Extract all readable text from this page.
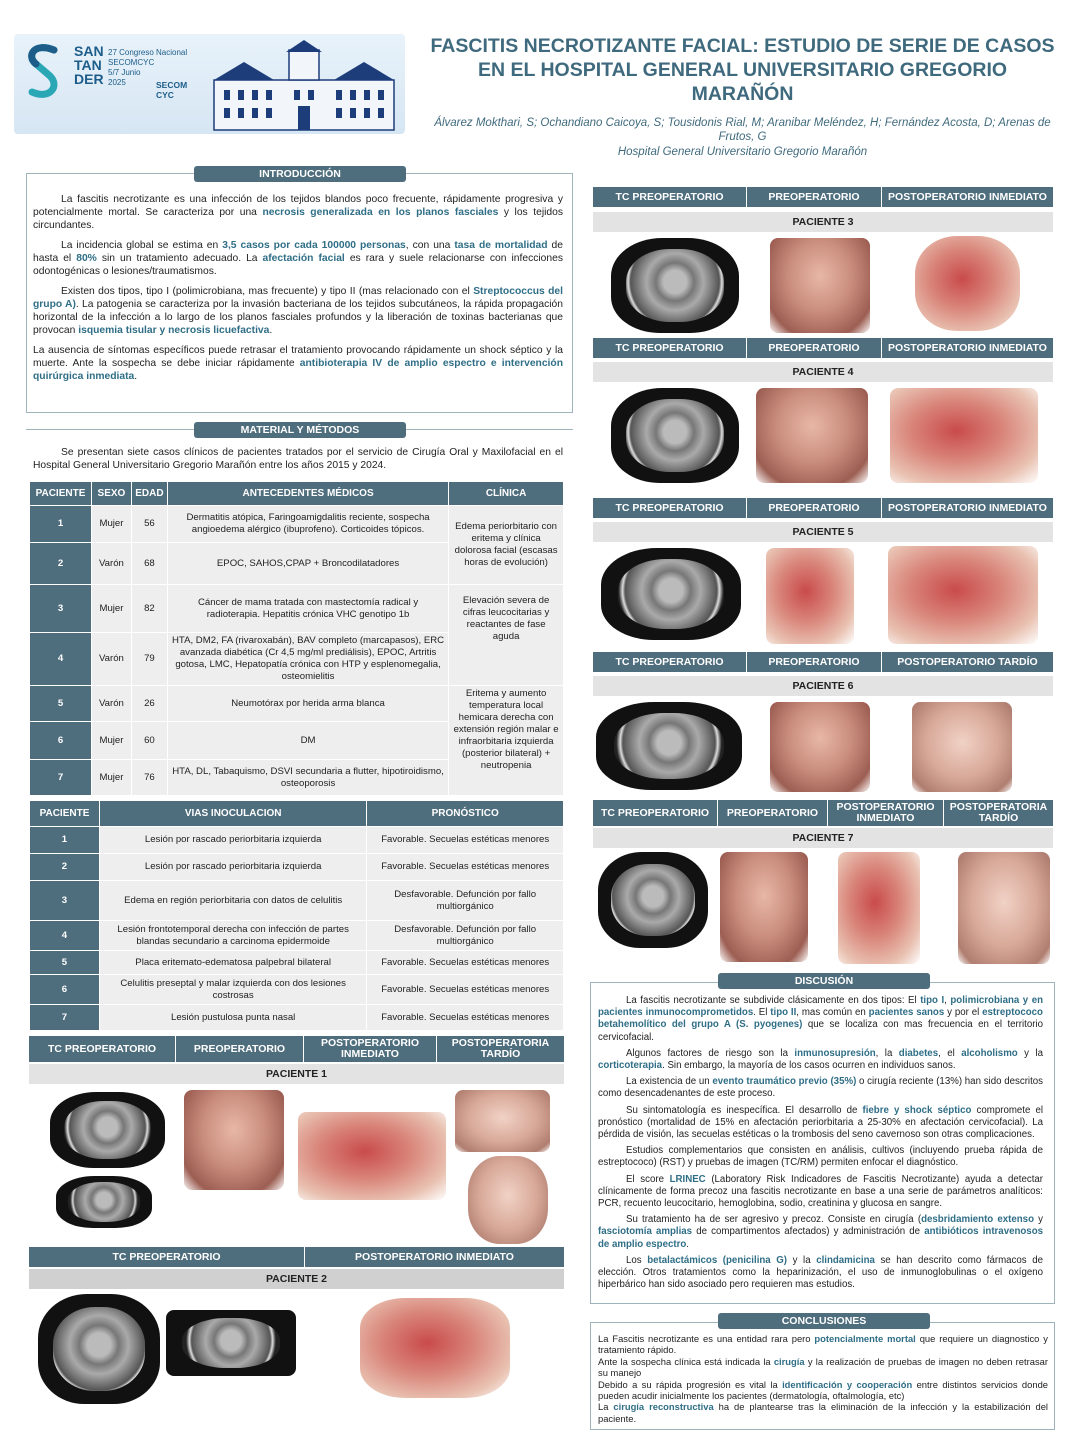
SAN
TAN
DER
27 Congreso Nacional
SECOMCYC
5/7 Junio
2025	SECOM CYC
FASCITIS NECROTIZANTE FACIAL: ESTUDIO DE SERIE DE CASOS EN EL HOSPITAL GENERAL UNIVERSITARIO GREGORIO MARAÑÓN
Álvarez Mokthari, S; Ochandiano Caicoya, S; Tousidonis Rial, M; Aranibar Meléndez, H; Fernández Acosta, D; Arenas de Frutos, G
Hospital General Universitario Gregorio Marañón
INTRODUCCIÓN

La fascitis necrotizante es una infección de los tejidos blandos poco frecuente, rápidamente progresiva y potencialmente mortal. Se caracteriza por una necrosis generalizada en los planos fasciales y los tejidos circundantes.

La incidencia global se estima en 3,5 casos por cada 100000 personas, con una tasa de mortalidad de hasta el 80% sin un tratamiento adecuado. La afectación facial es rara y suele relacionarse con infecciones odontogénicas o lesiones/traumatismos.

Existen dos tipos, tipo I (polimicrobiana, mas frecuente) y tipo II (mas relacionado con el Streptococcus del grupo A). La patogenia se caracteriza por la invasión bacteriana de los tejidos subcutáneos, la rápida propagación horizontal de la infección a lo largo de los planos fasciales profundos y la liberación de toxinas bacterianas que provocan isquemia tisular y necrosis licuefactiva.

La ausencia de síntomas específicos puede retrasar el tratamiento provocando rápidamente un shock séptico y la muerte. Ante la sospecha se debe iniciar rápidamente antibioterapia IV de amplio espectro e intervención quirúrgica inmediata.

MATERIAL Y MÉTODOS

Se presentan siete casos clínicos de pacientes tratados por el servicio de Cirugía Oral y Maxilofacial en el Hospital General Universitario Gregorio Marañón entre los años 2015 y 2024.

PACIENTE	SEXO	EDAD	ANTECEDENTES MÉDICOS	CLÍNICA
1	Mujer	56	Dermatitis atópica, Faringoamigdalitis reciente, sospecha angioedema alérgico (ibuprofeno). Corticoides tópicos.	Edema periorbitario con eritema y clínica dolorosa facial (escasas horas de evolución)
2	Varón	68	EPOC, SAHOS,CPAP + Broncodilatadores	
3	Mujer	82	Cáncer de mama tratada con mastectomía radical y radioterapia. Hepatitis crónica VHC genotipo 1b	Elevación severa de cifras leucocitarias y reactantes de fase aguda
4	Varón	79	HTA, DM2, FA (rivaroxabán), BAV completo (marcapasos), ERC avanzada diabética (Cr 4,5 mg/ml prediálisis), EPOC, Artritis gotosa, LMC, Hepatopatía crónica con HTP y esplenomegalia, osteomielitis	
5	Varón	26	Neumotórax por herida arma blanca	Eritema y aumento temperatura local hemicara derecha con extensión región malar e infraorbitaria izquierda (posterior bilateral) + neutropenia
6	Mujer	60	DM	
7	Mujer	76	HTA, DL, Tabaquismo, DSVI secundaria a flutter, hipotiroidismo, osteoporosis	
PACIENTE	VIAS INOCULACION	PRONÓSTICO
1	Lesión por rascado periorbitaria izquierda	Favorable. Secuelas estéticas menores
2	Lesión por rascado periorbitaria izquierda	Favorable. Secuelas estéticas menores
3	Edema en región periorbitaria con datos de celulitis	Desfavorable. Defunción por fallo multiorgánico
4	Lesión frontotemporal derecha con infección de partes blandas secundario a carcinoma epidermoide	Desfavorable. Defunción por fallo multiorgánico
5	Placa eritemato-edematosa palpebral bilateral	Favorable. Secuelas estéticas menores
6	Celulitis preseptal y malar izquierda con dos lesiones costrosas	Favorable. Secuelas estéticas menores
7	Lesión pustulosa punta nasal	Favorable. Secuelas estéticas menores
TC PREOPERATORIO	PREOPERATORIO	POSTOPERATORIO INMEDIATO
POSTOPERATORIA TARDÍO
PACIENTE 1
TC PREOPERATORIO	POSTOPERATORIO INMEDIATO
PACIENTE 2
TC PREOPERATORIO	PREOPERATORIO	POSTOPERATORIO INMEDIATO
PACIENTE 3
TC PREOPERATORIO	PREOPERATORIO	POSTOPERATORIO INMEDIATO
PACIENTE 4
TC PREOPERATORIO	PREOPERATORIO	POSTOPERATORIO INMEDIATO
PACIENTE 5
TC PREOPERATORIO	PREOPERATORIO	POSTOPERATORIO TARDÍO
PACIENTE 6
TC PREOPERATORIO	PREOPERATORIO	POSTOPERATORIO INMEDIATO
POSTOPERATORIA TARDÍO
PACIENTE 7
DISCUSIÓN

La fascitis necrotizante se subdivide clásicamente en dos tipos: El tipo I, polimicrobiana y en pacientes inmunocomprometidos. El tipo II, mas común en pacientes sanos y por el estreptococo betahemolítico del grupo A (S. pyogenes) que se localiza con mas frecuencia en el territorio cervicofacial.

Algunos factores de riesgo son la inmunosupresión, la diabetes, el alcoholismo y la corticoterapia. Sin embargo, la mayoría de los casos ocurren en individuos sanos.

La existencia de un evento traumático previo (35%) o cirugía reciente (13%) han sido descritos como desencadenantes de este proceso.

Su sintomatología es inespecífica. El desarrollo de fiebre y shock séptico compromete el pronóstico (mortalidad de 15% en afectación periorbitaria a 25-30% en afectación cervicofacial). La pérdida de visión, las secuelas estéticas o la trombosis del seno cavernoso son otras complicaciones.

Estudios complementarios que consisten en análisis, cultivos (incluyendo prueba rápida de estreptococo) (RST) y pruebas de imagen (TC/RM) permiten enfocar el diagnóstico.

El score LRINEC (Laboratory Risk Indicadores de Fascitis Necrotizante) ayuda a detectar clínicamente de forma precoz una fascitis necrotizante en base a una serie de parámetros analíticos: PCR, recuento leucocitario, hemoglobina, sodio, creatinina y glucosa en sangre.

Su tratamiento ha de ser agresivo y precoz. Consiste en cirugía (desbridamiento extenso y fasciotomía amplias de compartimentos afectados) y administración de antibióticos intravenosos de amplio espectro.

Los betalactámicos (penicilina G) y la clindamicina se han descrito como fármacos de elección. Otros tratamientos como la heparinización, el uso de inmunoglobulinas o el oxígeno hiperbárico han sido asociado pero requieren mas estudios.

CONCLUSIONES
La Fascitis necrotizante es una entidad rara pero potencialmente mortal que requiere un diagnostico y tratamiento rápido.
Ante la sospecha clínica está indicada la cirugía y la realización de pruebas de imagen no deben retrasar su manejo
Debido a su rápida progresión es vital la identificación y cooperación entre distintos servicios donde pueden acudir inicialmente los pacientes (dermatología, oftalmología, etc)
La cirugía reconstructiva ha de plantearse tras la eliminación de la infección y la estabilización del paciente.
